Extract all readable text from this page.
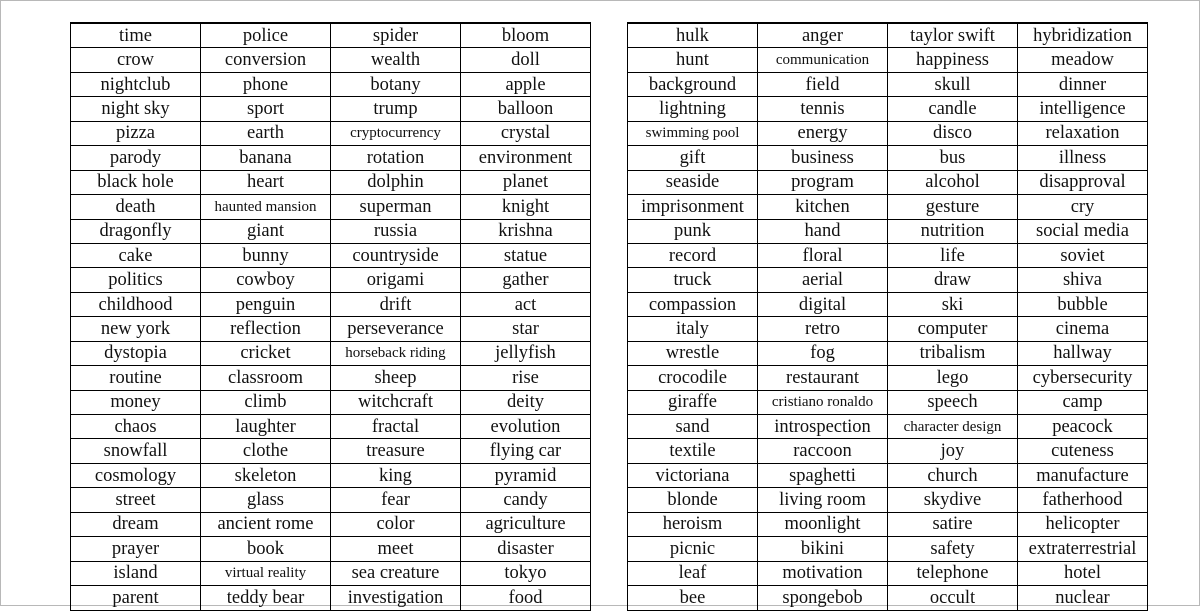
time	police	spider	bloom
crow	conversion	wealth	doll
nightclub	phone	botany	apple
night sky	sport	trump	balloon
pizza	earth	cryptocurrency	crystal
parody	banana	rotation	environment
black hole	heart	dolphin	planet
death	haunted mansion	superman	knight
dragonfly	giant	russia	krishna
cake	bunny	countryside	statue
politics	cowboy	origami	gather
childhood	penguin	drift	act
new york	reflection	perseverance	star
dystopia	cricket	horseback riding	jellyfish
routine	classroom	sheep	rise
money	climb	witchcraft	deity
chaos	laughter	fractal	evolution
snowfall	clothe	treasure	flying car
cosmology	skeleton	king	pyramid
street	glass	fear	candy
dream	ancient rome	color	agriculture
prayer	book	meet	disaster
island	virtual reality	sea creature	tokyo
parent	teddy bear	investigation	food
hulk	anger	taylor swift	hybridization
hunt	communication	happiness	meadow
background	field	skull	dinner
lightning	tennis	candle	intelligence
swimming pool	energy	disco	relaxation
gift	business	bus	illness
seaside	program	alcohol	disapproval
imprisonment	kitchen	gesture	cry
punk	hand	nutrition	social media
record	floral	life	soviet
truck	aerial	draw	shiva
compassion	digital	ski	bubble
italy	retro	computer	cinema
wrestle	fog	tribalism	hallway
crocodile	restaurant	lego	cybersecurity
giraffe	cristiano ronaldo	speech	camp
sand	introspection	character design	peacock
textile	raccoon	joy	cuteness
victoriana	spaghetti	church	manufacture
blonde	living room	skydive	fatherhood
heroism	moonlight	satire	helicopter
picnic	bikini	safety	extraterrestrial
leaf	motivation	telephone	hotel
bee	spongebob	occult	nuclear
